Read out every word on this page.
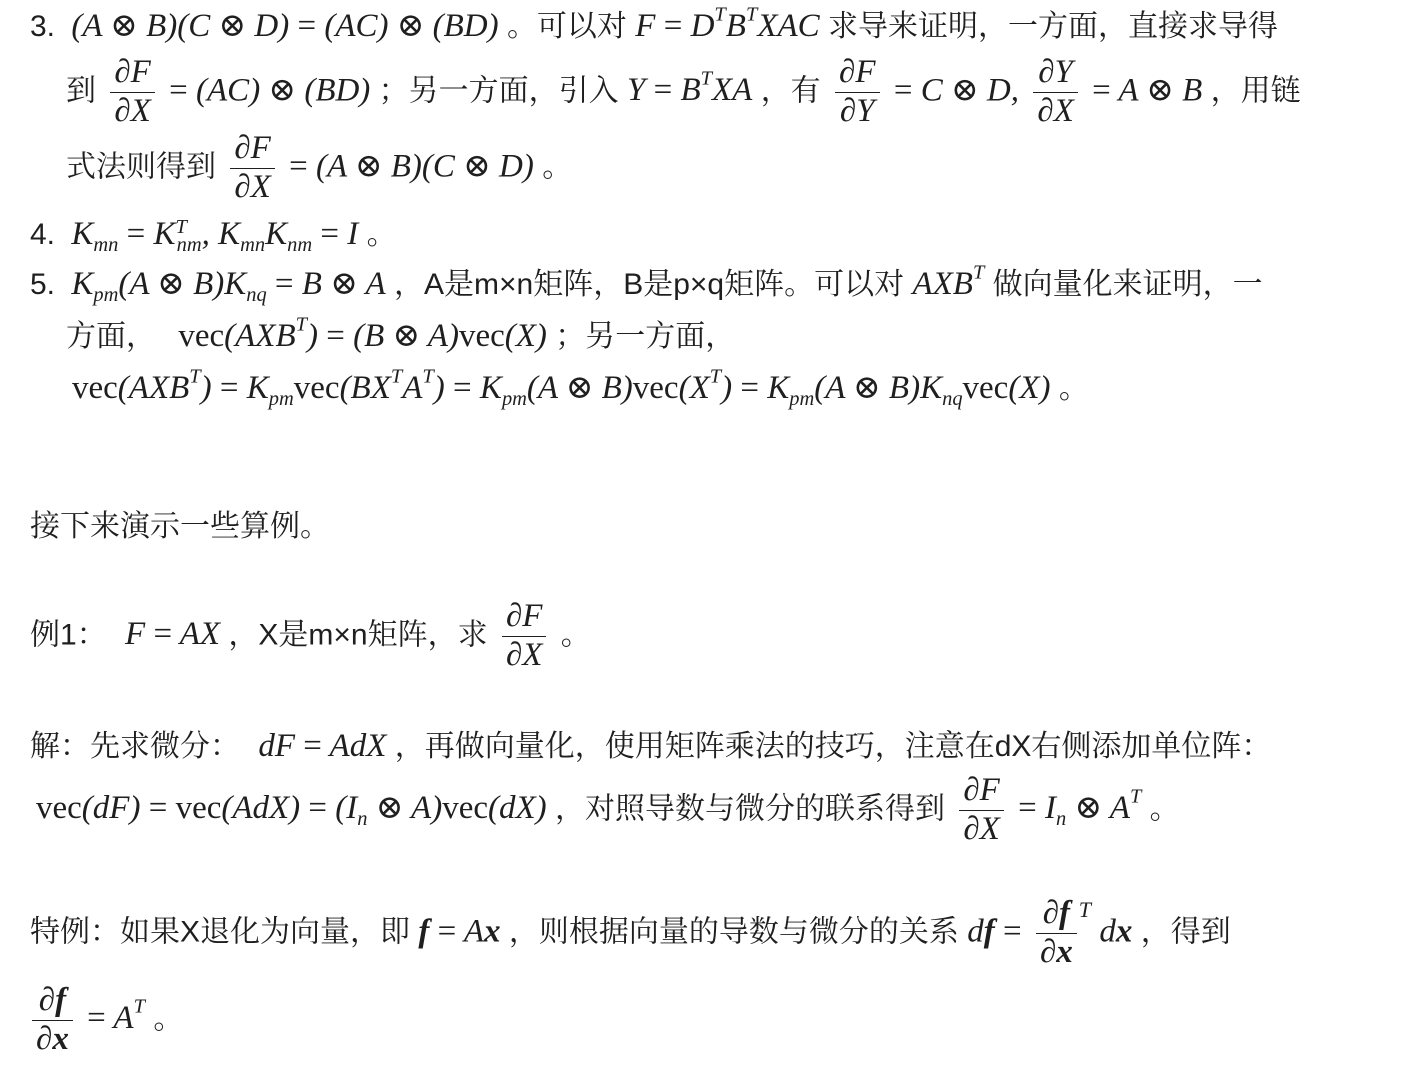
3. (A ⊗ B)(C ⊗ D) = (AC) ⊗ (BD) 。可以对 $F = D^TB^TXAC$ 求导来证明，一方面，直接求导得
到 $\frac{\partial F}{\partial X} = (AC)$ ⊗ (BD) ；另一方面，引入 $Y = B^TXA$ ，有 $\frac{\partial F}{\partial Y} = C$ ⊗ D, $\frac{\partial Y}{\partial X} = A$ ⊗ B ，用链
式法则得到 $\frac{\partial F}{\partial X} = (A$ ⊗ B)(C ⊗ D) 。
4. $K_{mn} = K^T_{nm}$, $K_{mn}K_{nm} = I$ 。
5. $K_{pm}(A$ ⊗ $B)K_{nq} = B$ ⊗ A ，A是m×n矩阵，B是p×q矩阵。可以对 $AXB^T$ 做向量化来证明，一
方面， $vec(AXB^T) = (B$ ⊗ A)vec(X) ；另一方面，
$vec(AXB^T) = K_{pm}vec(BX^TA^T) = K_{pm}(A$ ⊗ $B)vec(X^T) = K_{pm}(A$ ⊗ $B)K_{nq}vec(X)$ 。
接下来演示一些算例。
例1： F = AX ，X是m×n矩阵，求 $\frac{\partial F}{\partial X}$ 。
解：先求微分： dF = AdX ，再做向量化，使用矩阵乘法的技巧，注意在dX右侧添加单位阵：
$vec(dF) = vec(AdX) = (I_n$ ⊗ A)vec(dX) ，对照导数与微分的联系得到 $\frac{\partial F}{\partial X} = I_n$ ⊗ $A^T$ 。
特例：如果X退化为向量，即 f = Ax ，则根据向量的导数与微分的关系 df = $\frac{\partial f}{\partial x} ^T$ dx ，得到
$\frac{\partial f}{\partial x} = A^T$ 。
